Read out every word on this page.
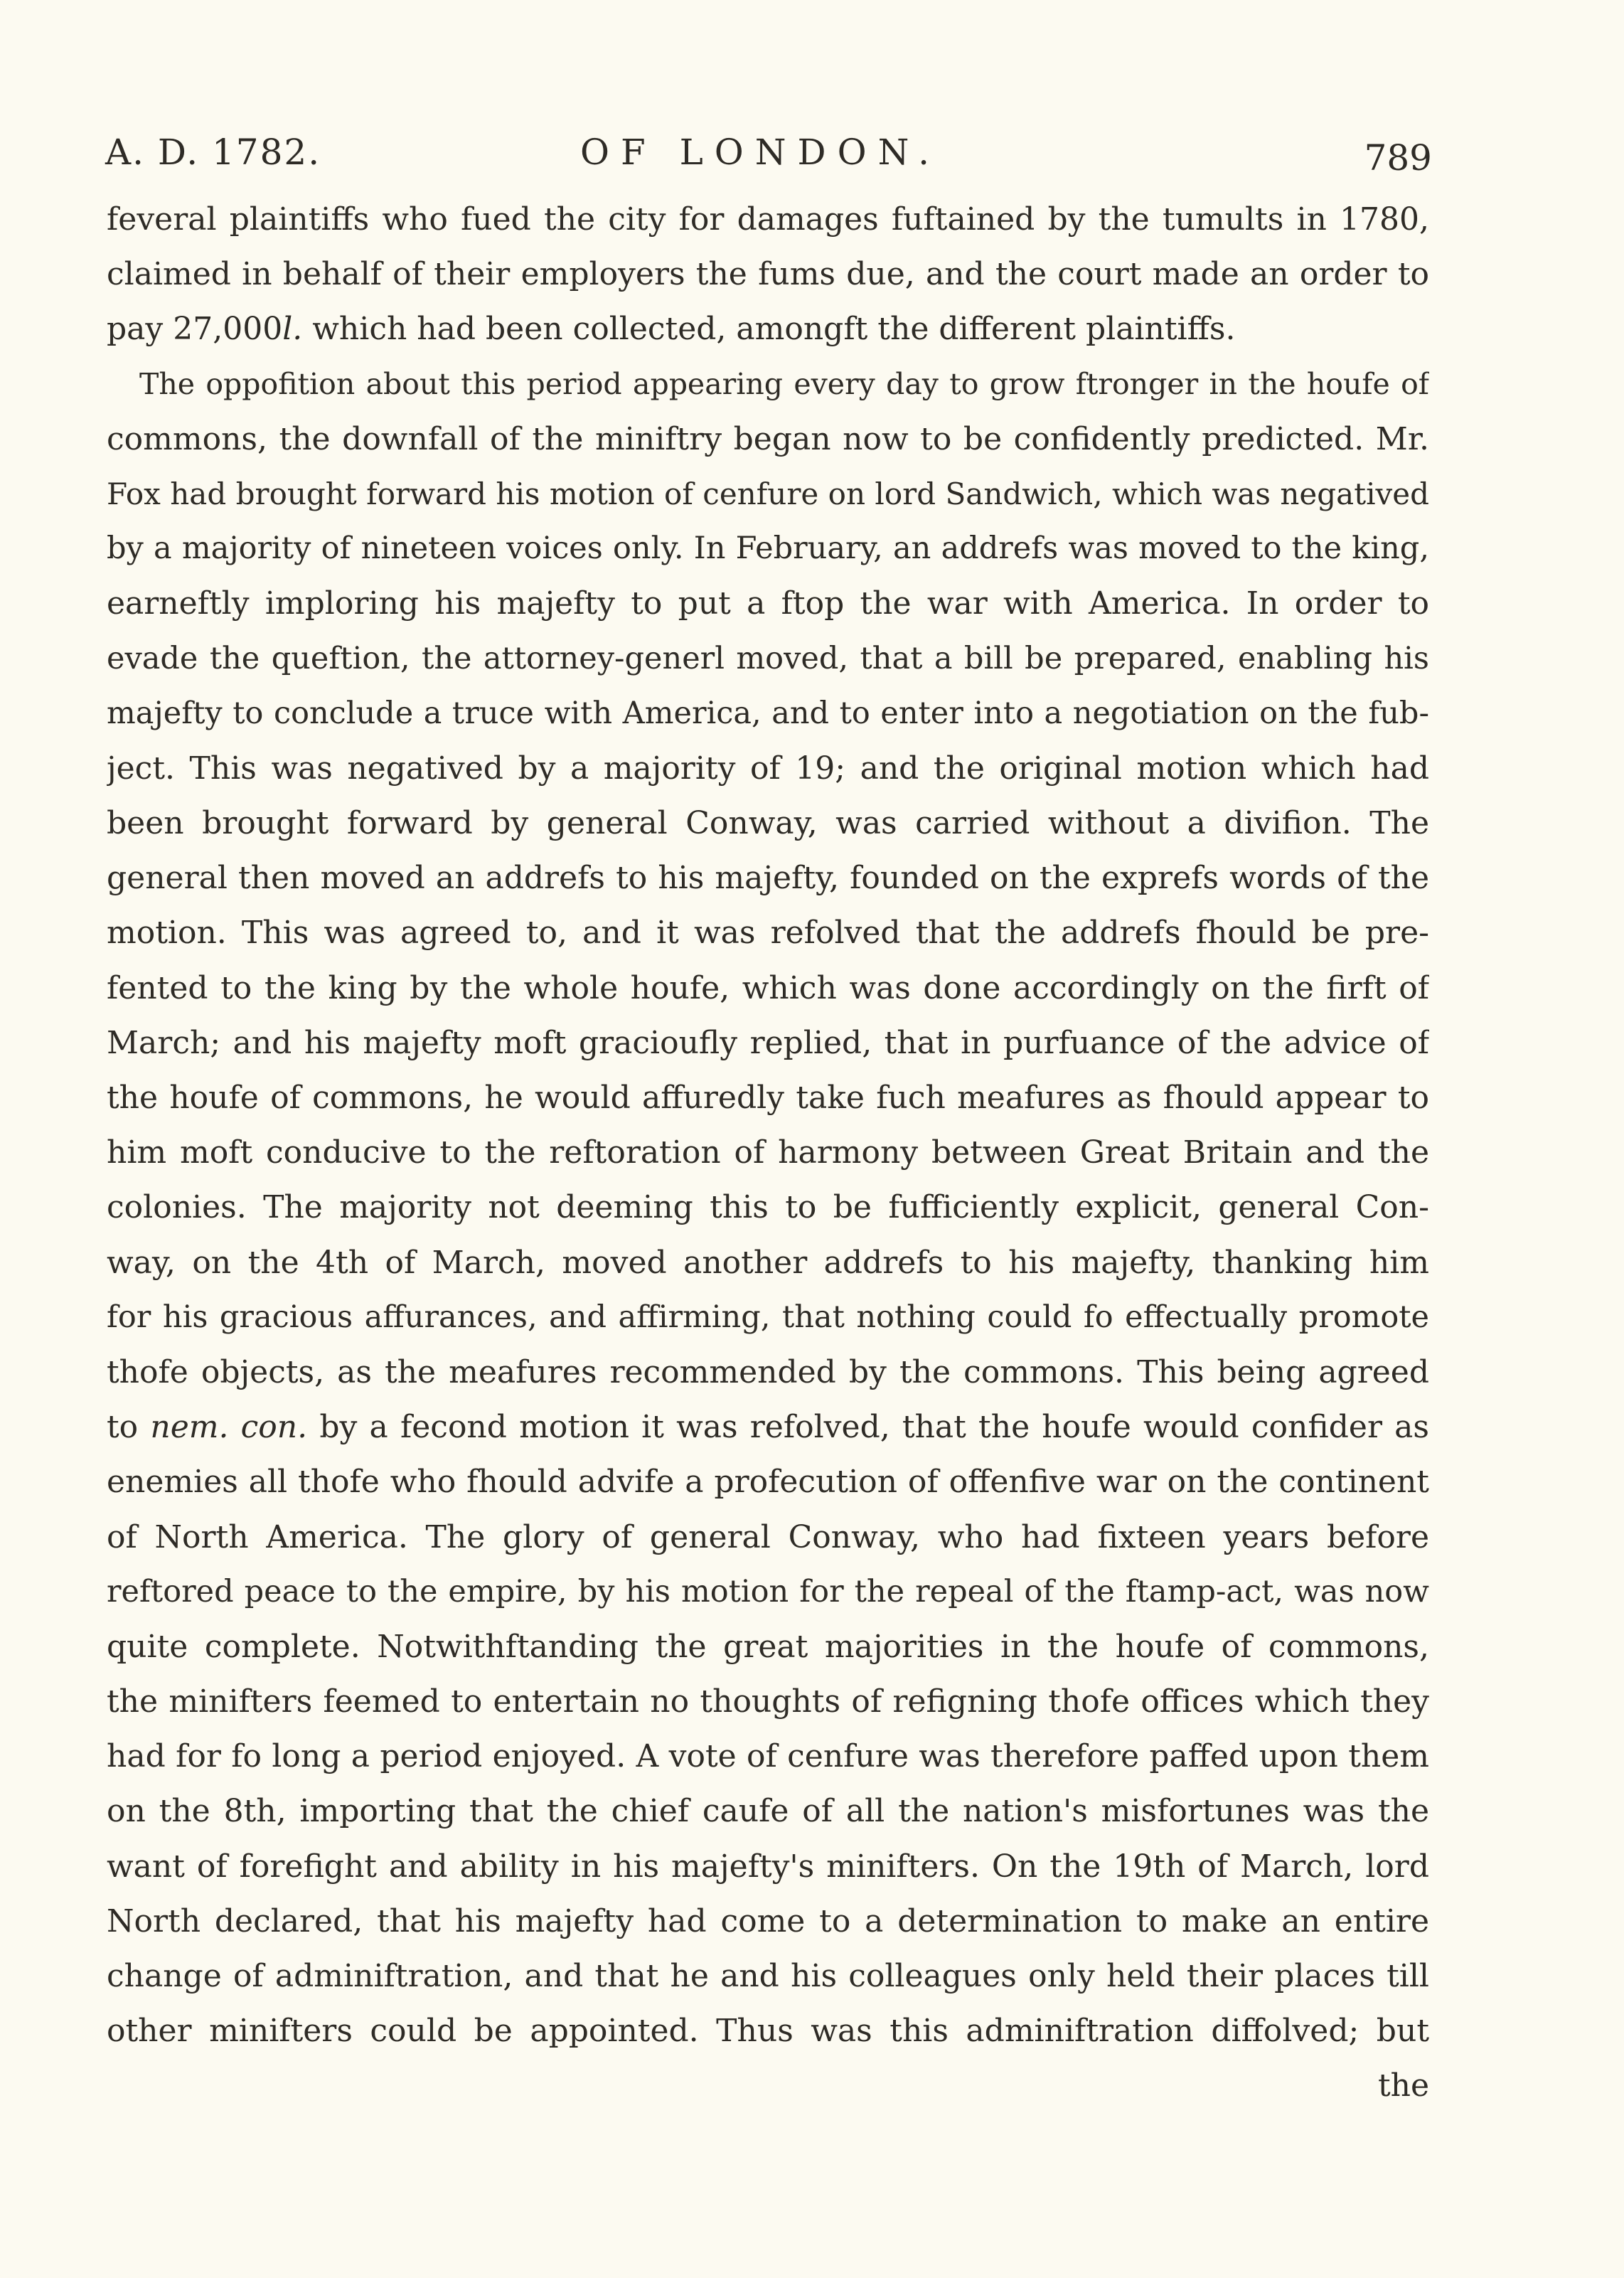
A. D. 1782.	OF LONDON.	789
feveral plaintiffs who fued the city for damages fuftained by the tumults in 1780,
claimed in behalf of their employers the fums due, and the court made an order to
pay 27,000l. which had been collected, amongft the different plaintiffs.
The oppofition about this period appearing every day to grow ftronger in the houfe of
commons, the downfall of the miniftry began now to be confidently predicted. Mr.
Fox had brought forward his motion of cenfure on lord Sandwich, which was negatived
by a majority of nineteen voices only. In February, an addrefs was moved to the king,
earneftly imploring his majefty to put a ftop the war with America. In order to
evade the queftion, the attorney-generl moved, that a bill be prepared, enabling his
majefty to conclude a truce with America, and to enter into a negotiation on the fub-
ject. This was negatived by a majority of 19; and the original motion which had
been brought forward by general Conway, was carried without a divifion. The
general then moved an addrefs to his majefty, founded on the exprefs words of the
motion. This was agreed to, and it was refolved that the addrefs fhould be pre-
fented to the king by the whole houfe, which was done accordingly on the firft of
March; and his majefty moft gracioufly replied, that in purfuance of the advice of
the houfe of commons, he would affuredly take fuch meafures as fhould appear to
him moft conducive to the reftoration of harmony between Great Britain and the
colonies. The majority not deeming this to be fufficiently explicit, general Con-
way, on the 4th of March, moved another addrefs to his majefty, thanking him
for his gracious affurances, and affirming, that nothing could fo effectually promote
thofe objects, as the meafures recommended by the commons. This being agreed
to nem. con. by a fecond motion it was refolved, that the houfe would confider as
enemies all thofe who fhould advife a profecution of offenfive war on the continent
of North America. The glory of general Conway, who had fixteen years before
reftored peace to the empire, by his motion for the repeal of the ftamp-act, was now
quite complete. Notwithftanding the great majorities in the houfe of commons,
the minifters feemed to entertain no thoughts of refigning thofe offices which they
had for fo long a period enjoyed. A vote of cenfure was therefore paffed upon them
on the 8th, importing that the chief caufe of all the nation's misfortunes was the
want of forefight and ability in his majefty's minifters. On the 19th of March, lord
North declared, that his majefty had come to a determination to make an entire
change of adminiftration, and that he and his colleagues only held their places till
other minifters could be appointed. Thus was this adminiftration diffolved; but
the
